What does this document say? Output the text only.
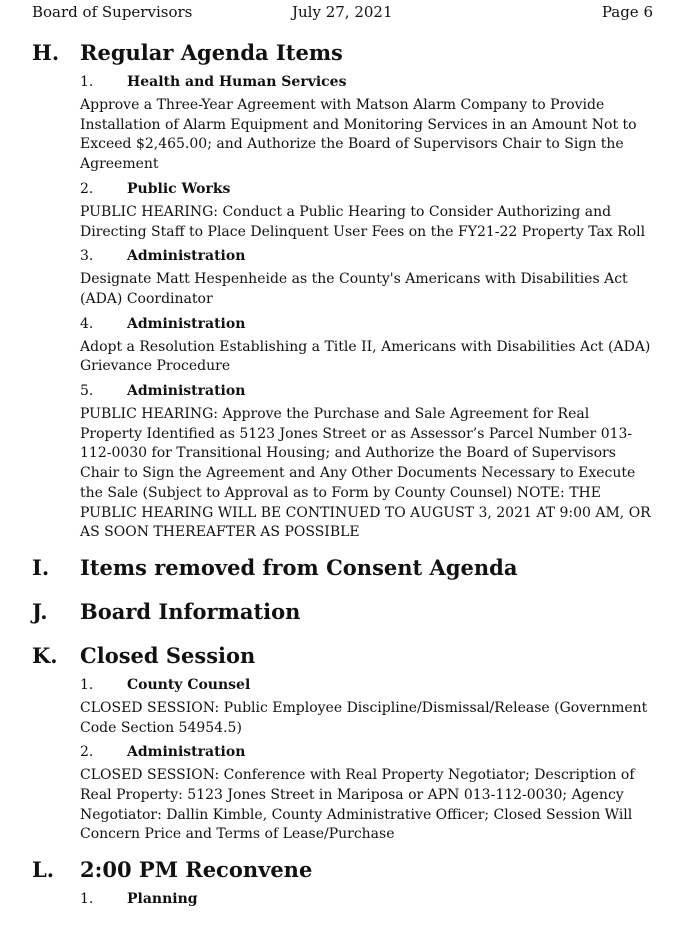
Board of Supervisors	July 27, 2021	Page 6
H. Regular Agenda Items
1. Health and Human Services
Approve a Three-Year Agreement with Matson Alarm Company to Provide Installation of Alarm Equipment and Monitoring Services in an Amount Not to Exceed $2,465.00; and Authorize the Board of Supervisors Chair to Sign the Agreement
2. Public Works
PUBLIC HEARING: Conduct a Public Hearing to Consider Authorizing and Directing Staff to Place Delinquent User Fees on the FY21-22 Property Tax Roll
3. Administration
Designate Matt Hespenheide as the County's Americans with Disabilities Act (ADA) Coordinator
4. Administration
Adopt a Resolution Establishing a Title II, Americans with Disabilities Act (ADA) Grievance Procedure
5. Administration
PUBLIC HEARING: Approve the Purchase and Sale Agreement for Real Property Identified as 5123 Jones Street or as Assessor’s Parcel Number 013-112-0030 for Transitional Housing; and Authorize the Board of Supervisors Chair to Sign the Agreement and Any Other Documents Necessary to Execute the Sale (Subject to Approval as to Form by County Counsel) NOTE: THE PUBLIC HEARING WILL BE CONTINUED TO AUGUST 3, 2021 AT 9:00 AM, OR AS SOON THEREAFTER AS POSSIBLE
I. Items removed from Consent Agenda
J. Board Information
K. Closed Session
1. County Counsel
CLOSED SESSION: Public Employee Discipline/Dismissal/Release (Government Code Section 54954.5)
2. Administration
CLOSED SESSION: Conference with Real Property Negotiator; Description of Real Property: 5123 Jones Street in Mariposa or APN 013-112-0030; Agency Negotiator: Dallin Kimble, County Administrative Officer; Closed Session Will Concern Price and Terms of Lease/Purchase
L. 2:00 PM Reconvene
1. Planning
